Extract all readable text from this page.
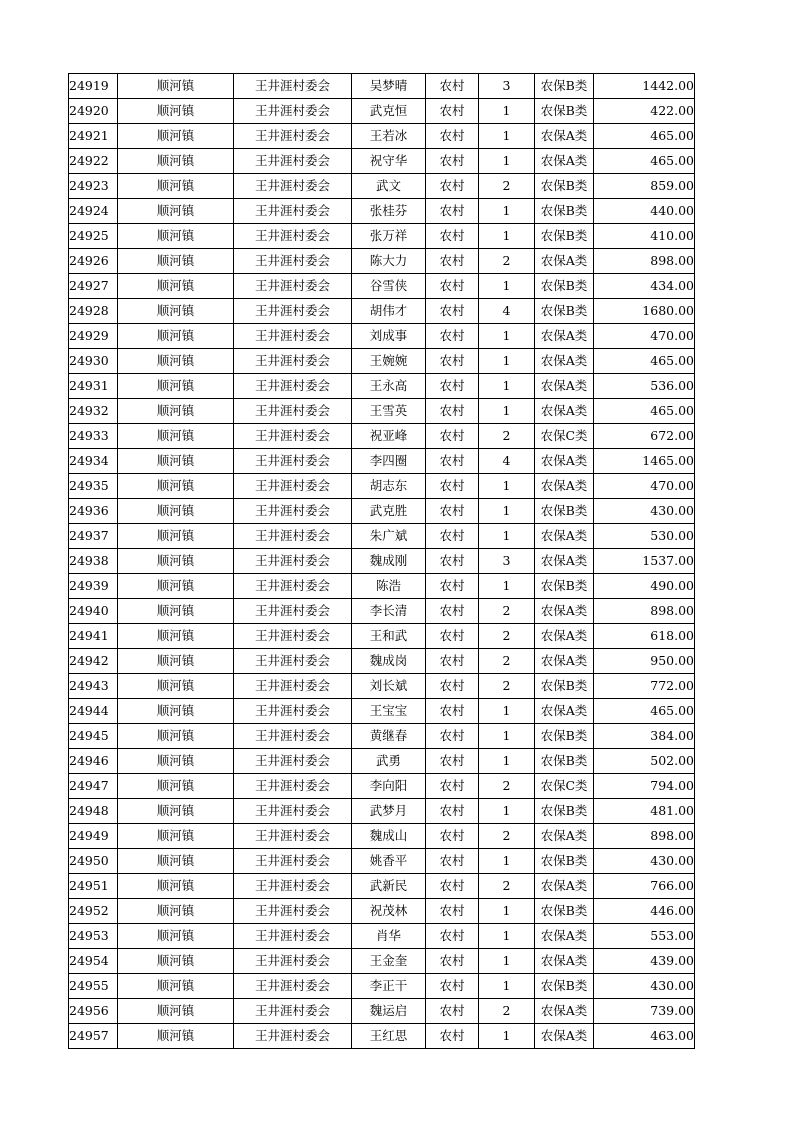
24919	顺河镇	王井涯村委会	吴梦晴	农村	3	农保B类	1442.00
24920	顺河镇	王井涯村委会	武克恒	农村	1	农保B类	422.00
24921	顺河镇	王井涯村委会	王若冰	农村	1	农保A类	465.00
24922	顺河镇	王井涯村委会	祝守华	农村	1	农保A类	465.00
24923	顺河镇	王井涯村委会	武文	农村	2	农保B类	859.00
24924	顺河镇	王井涯村委会	张桂芬	农村	1	农保B类	440.00
24925	顺河镇	王井涯村委会	张万祥	农村	1	农保B类	410.00
24926	顺河镇	王井涯村委会	陈大力	农村	2	农保A类	898.00
24927	顺河镇	王井涯村委会	谷雪侠	农村	1	农保B类	434.00
24928	顺河镇	王井涯村委会	胡伟才	农村	4	农保B类	1680.00
24929	顺河镇	王井涯村委会	刘成事	农村	1	农保A类	470.00
24930	顺河镇	王井涯村委会	王婉婉	农村	1	农保A类	465.00
24931	顺河镇	王井涯村委会	王永高	农村	1	农保A类	536.00
24932	顺河镇	王井涯村委会	王雪英	农村	1	农保A类	465.00
24933	顺河镇	王井涯村委会	祝亚峰	农村	2	农保C类	672.00
24934	顺河镇	王井涯村委会	李四圈	农村	4	农保A类	1465.00
24935	顺河镇	王井涯村委会	胡志东	农村	1	农保A类	470.00
24936	顺河镇	王井涯村委会	武克胜	农村	1	农保B类	430.00
24937	顺河镇	王井涯村委会	朱广斌	农村	1	农保A类	530.00
24938	顺河镇	王井涯村委会	魏成刚	农村	3	农保A类	1537.00
24939	顺河镇	王井涯村委会	陈浩	农村	1	农保B类	490.00
24940	顺河镇	王井涯村委会	李长清	农村	2	农保A类	898.00
24941	顺河镇	王井涯村委会	王和武	农村	2	农保A类	618.00
24942	顺河镇	王井涯村委会	魏成岗	农村	2	农保A类	950.00
24943	顺河镇	王井涯村委会	刘长斌	农村	2	农保B类	772.00
24944	顺河镇	王井涯村委会	王宝宝	农村	1	农保A类	465.00
24945	顺河镇	王井涯村委会	黄继春	农村	1	农保B类	384.00
24946	顺河镇	王井涯村委会	武勇	农村	1	农保B类	502.00
24947	顺河镇	王井涯村委会	李向阳	农村	2	农保C类	794.00
24948	顺河镇	王井涯村委会	武梦月	农村	1	农保B类	481.00
24949	顺河镇	王井涯村委会	魏成山	农村	2	农保A类	898.00
24950	顺河镇	王井涯村委会	姚香平	农村	1	农保B类	430.00
24951	顺河镇	王井涯村委会	武新民	农村	2	农保A类	766.00
24952	顺河镇	王井涯村委会	祝茂林	农村	1	农保B类	446.00
24953	顺河镇	王井涯村委会	肖华	农村	1	农保A类	553.00
24954	顺河镇	王井涯村委会	王金奎	农村	1	农保A类	439.00
24955	顺河镇	王井涯村委会	李正干	农村	1	农保B类	430.00
24956	顺河镇	王井涯村委会	魏运启	农村	2	农保A类	739.00
24957	顺河镇	王井涯村委会	王红思	农村	1	农保A类	463.00
